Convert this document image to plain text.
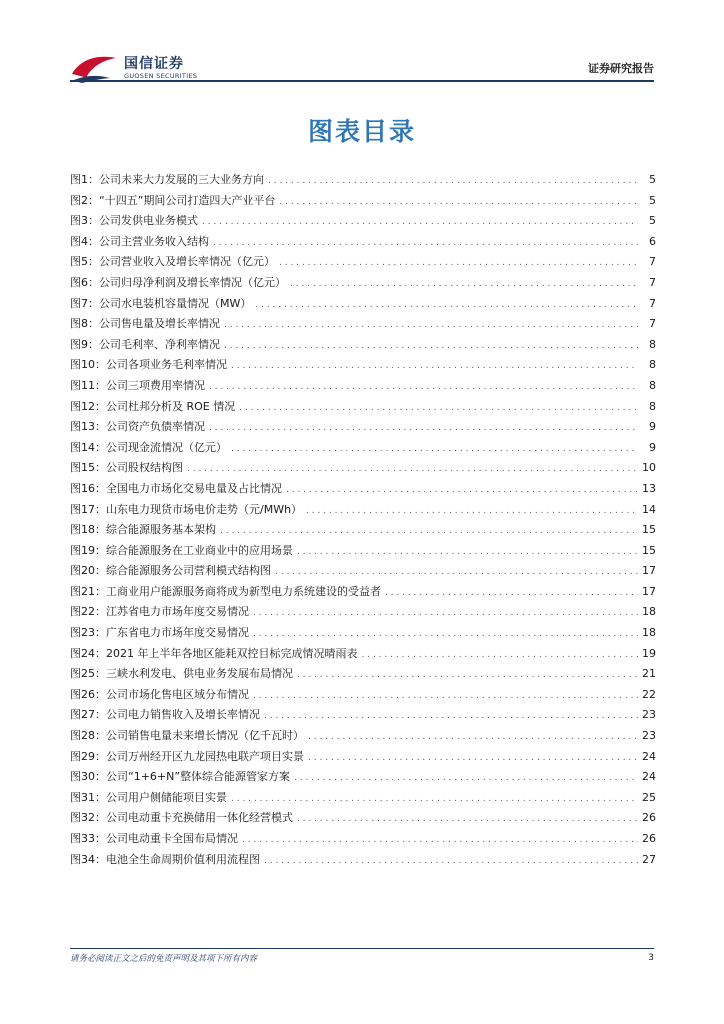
国信证券
GUOSEN SECURITIES
证券研究报告
图表目录
图1： 公司未来大力发展的三大业务方向 . . .	5
图2： “十四五”期间公司打造四大产业平台 . . .	5
图3： 公司发供电业务模式 . . .	5
图4： 公司主营业务收入结构 . . .	6
图5： 公司营业收入及增长率情况（亿元） . . .	7
图6： 公司归母净利润及增长率情况（亿元） . . .	7
图7： 公司水电装机容量情况（MW） . . .	7
图8： 公司售电量及增长率情况 . . .	7
图9： 公司毛利率、净利率情况 . . .	8
图10： 公司各项业务毛利率情况 . . .	8
图11： 公司三项费用率情况 . . .	8
图12： 公司杜邦分析及 ROE 情况 . . .	8
图13： 公司资产负债率情况 . . .	9
图14： 公司现金流情况（亿元） . . .	9
图15： 公司股权结构图 . . .	10
图16： 全国电力市场化交易电量及占比情况 . . .	13
图17： 山东电力现货市场电价走势（元/MWh） . . .	14
图18： 综合能源服务基本架构 . . .	15
图19： 综合能源服务在工业商业中的应用场景 . . .	15
图20： 综合能源服务公司营利模式结构图 . . .	17
图21： 工商业用户能源服务商将成为新型电力系统建设的受益者 . . .	17
图22： 江苏省电力市场年度交易情况 . . .	18
图23： 广东省电力市场年度交易情况 . . .	18
图24： 2021 年上半年各地区能耗双控目标完成情况晴雨表 . . .	19
图25： 三峡水利发电、供电业务发展布局情况 . . .	21
图26： 公司市场化售电区域分布情况 . . .	22
图27： 公司电力销售收入及增长率情况 . . .	23
图28： 公司销售电量未来增长情况（亿千瓦时） . . .	23
图29： 公司万州经开区九龙园热电联产项目实景 . . .	24
图30： 公司“1+6+N”整体综合能源管家方案 . . .	24
图31： 公司用户侧储能项目实景 . . .	25
图32： 公司电动重卡充换储用一体化经营模式 . . .	26
图33： 公司电动重卡全国布局情况 . . .	26
图34： 电池全生命周期价值利用流程图 . . .	27
请务必阅读正文之后的免责声明及其项下所有内容	3
